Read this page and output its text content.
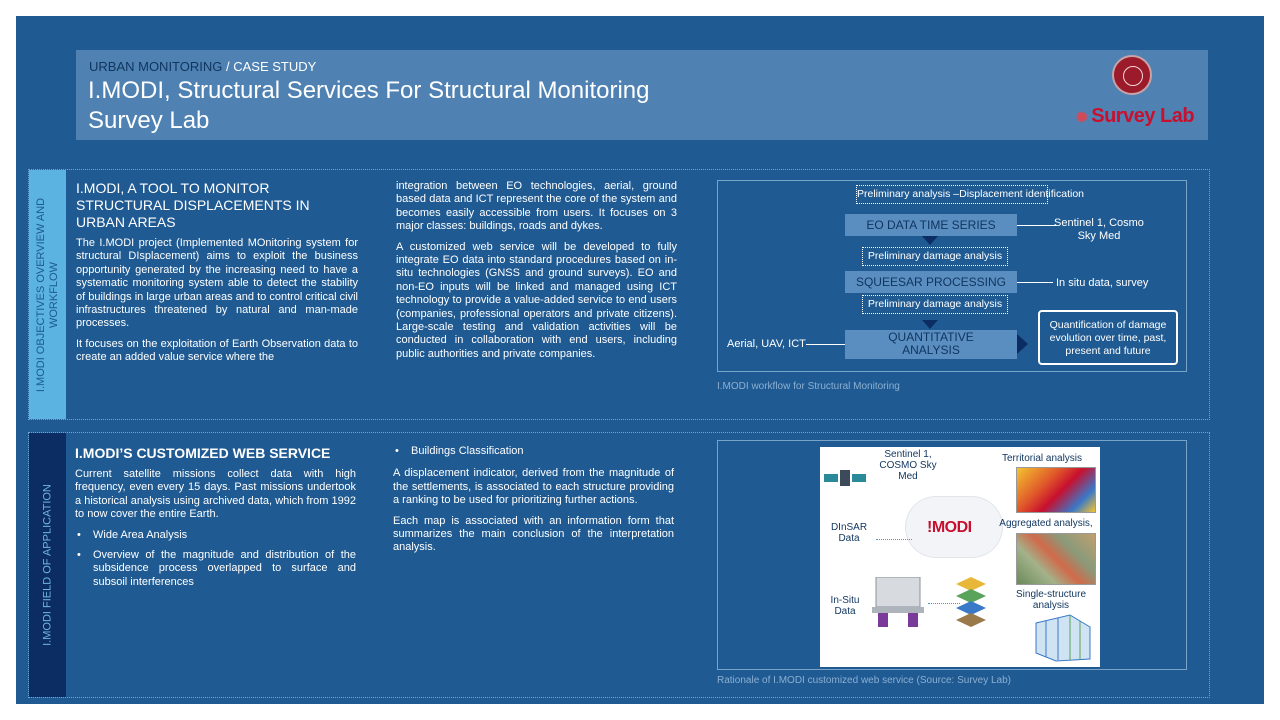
URBAN MONITORING / CASE STUDY
I.MODI, Structural Services For Structural Monitoring
Survey Lab	✺ Survey Lab
I.MODI OBJECTIVES OVERVIEW AND WORKFLOW
I.MODI, A TOOL TO MONITOR STRUCTURAL DISPLACEMENTS IN URBAN AREAS

The I.MODI project (Implemented MOnitoring system for structural DIsplacement) aims to exploit the business opportunity generated by the increasing need to have a systematic monitoring system able to detect the stability of buildings in large urban areas and to control critical civil infrastructures threatened by natural and man-made processes.

It focuses on the exploitation of Earth Observation data to create an added value service where the

integration between EO technologies, aerial, ground based data and ICT represent the core of the system and becomes easily accessible from users. It focuses on 3 major classes: buildings, roads and dykes.

A customized web service will be developed to fully integrate EO data into standard procedures based on in-situ technologies (GNSS and ground surveys). EO and non-EO inputs will be linked and managed using ICT technology to provide a value-added service to end users (companies, professional operators and private citizens). Large-scale testing and validation activities will be conducted in collaboration with end users, including public authorities and private companies.

Preliminary analysis –Displacement identification
EO DATA TIME SERIES	Sentinel 1, Cosmo
Sky Med
Preliminary damage analysis
SQUEESAR PROCESSING	In situ data, survey
Preliminary damage analysis
QUANTITATIVE
ANALYSIS
Aerial, UAV, ICT
Quantification of damage
evolution over time, past,
present and future
I.MODI workflow for Structural Monitoring
I.MODI FIELD OF APPLICATION
I.MODI’S CUSTOMIZED WEB SERVICE

Current satellite missions collect data with high frequency, even every 15 days. Past missions undertook a historical analysis using archived data, which from 1992 to now cover the entire Earth.

• Wide Area Analysis
• Overview of the magnitude and distribution of the subsidence process overlapped to surface and subsoil interferences
• Buildings Classification

A displacement indicator, derived from the magnitude of the settlements, is associated to each structure providing a ranking to be used for prioritizing further actions.

Each map is associated with an information form that summarizes the main conclusion of the interpretation analysis.

Sentinel 1,
COSMO Sky
Med
Territorial analysis
!MODI
DInSAR
Data
Aggregated analysis,
In-Situ
Data
Single-structure
analysis
Rationale of I.MODI customized web service (Source: Survey Lab)
